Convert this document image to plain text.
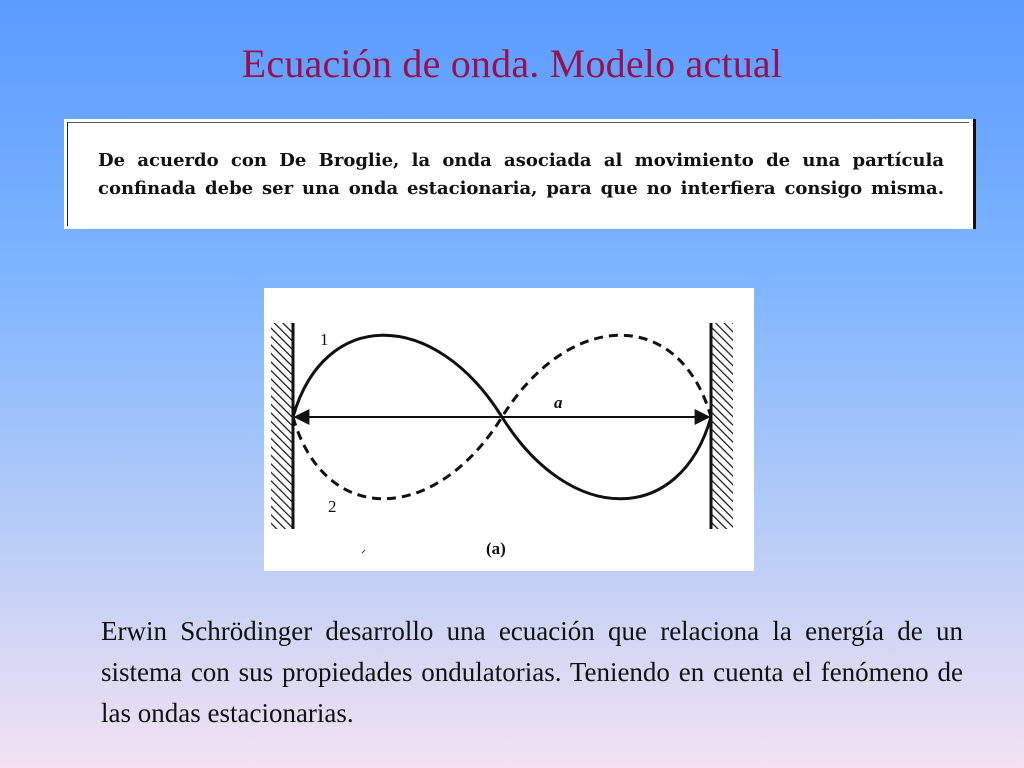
Ecuación de onda. Modelo actual
De acuerdo con De Broglie, la onda asociada al movimiento de una partícula
confinada debe ser una onda estacionaria, para que no interfiera consigo misma.
1
2
a
(a)
Erwin Schrödinger desarrollo una ecuación que relaciona la energía de un sistema con sus propiedades ondulatorias. Teniendo en cuenta el fenómeno de las ondas estacionarias.
